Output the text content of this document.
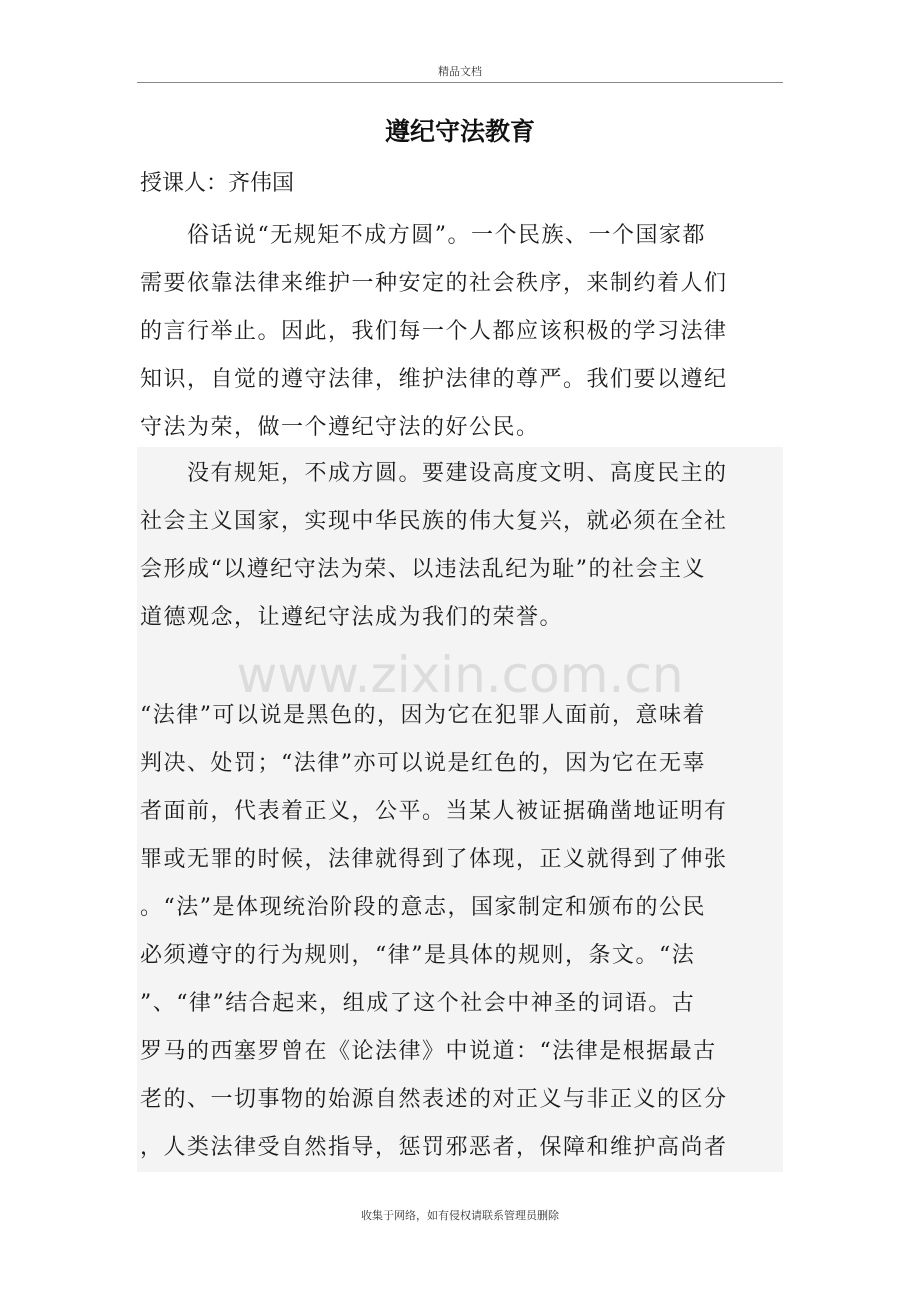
精品文档
遵纪守法教育
授课人：齐伟国
www.zixin.com.cn
　　俗话说“无规矩不成方圆”。一个民族、一个国家都
需要依靠法律来维护一种安定的社会秩序，来制约着人们
的言行举止。因此，我们每一个人都应该积极的学习法律
知识，自觉的遵守法律，维护法律的尊严。我们要以遵纪
守法为荣，做一个遵纪守法的好公民。
　　没有规矩，不成方圆。要建设高度文明、高度民主的
社会主义国家，实现中华民族的伟大复兴，就必须在全社
会形成“以遵纪守法为荣、以违法乱纪为耻”的社会主义
道德观念，让遵纪守法成为我们的荣誉。
“法律”可以说是黑色的，因为它在犯罪人面前，意味着
判决、处罚；“法律”亦可以说是红色的，因为它在无辜
者面前，代表着正义，公平。当某人被证据确凿地证明有
罪或无罪的时候，法律就得到了体现，正义就得到了伸张
。“法”是体现统治阶段的意志，国家制定和颁布的公民
必须遵守的行为规则，“律”是具体的规则，条文。“法
”、“律”结合起来，组成了这个社会中神圣的词语。古
罗马的西塞罗曾在《论法律》中说道：“法律是根据最古
老的、一切事物的始源自然表述的对正义与非正义的区分
，人类法律受自然指导，惩罚邪恶者，保障和维护高尚者
收集于网络，如有侵权请联系管理员删除
